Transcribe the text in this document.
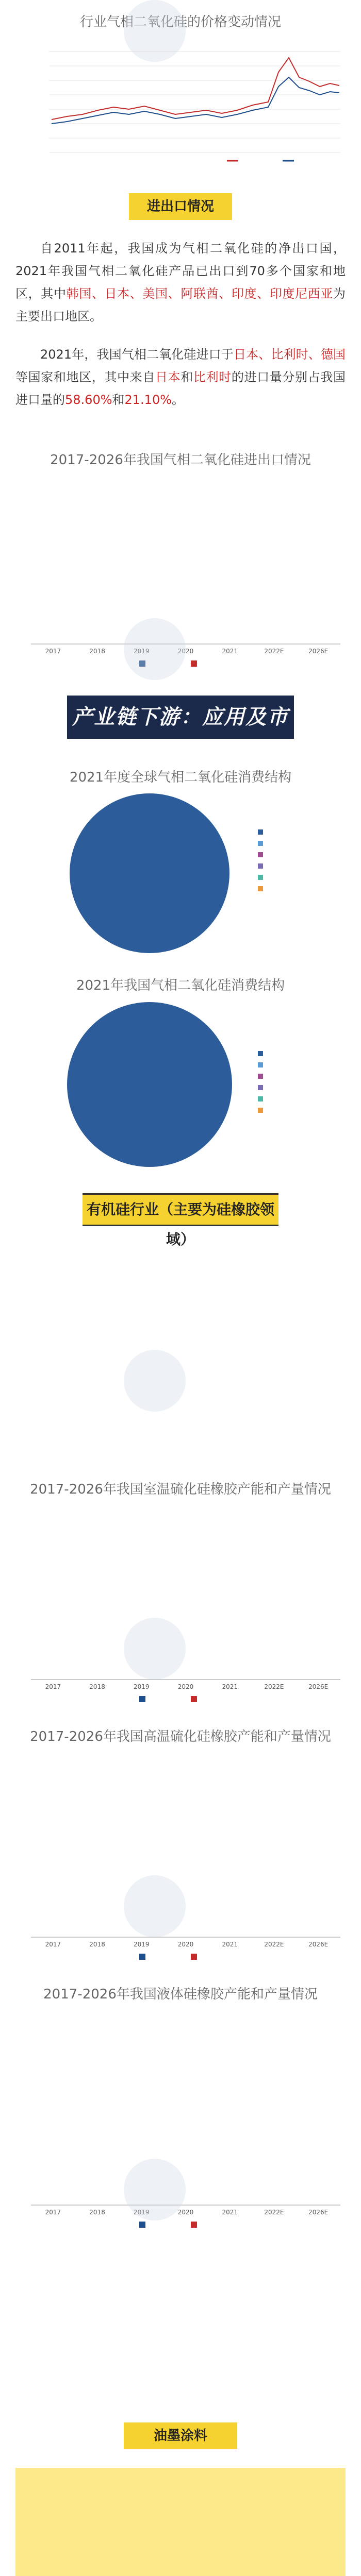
行业气相二氧化硅的价格变动情况
进出口情况

自2011年起，我国成为气相二氧化硅的净出口国，2021年我国气相二氧化硅产品已出口到70多个国家和地区，其中韩国、日本、美国、阿联酋、印度、印度尼西亚为主要出口地区。

2021年，我国气相二氧化硅进口于日本、比利时、德国等国家和地区，其中来自日本和比利时的进口量分别占我国进口量的58.60%和21.10%。

2017-2026年我国气相二氧化硅进出口情况
2017	2018	2019	2020	2021	2022E	2026E
产业链下游：应用及市场
2021年度全球气相二氧化硅消费结构
2021年我国气相二氧化硅消费结构
有机硅行业（主要为硅橡胶领域）
2017-2026年我国室温硫化硅橡胶产能和产量情况
2017	2018	2019	2020	2021	2022E	2026E
2017-2026年我国高温硫化硅橡胶产能和产量情况
2017	2018	2019	2020	2021	2022E	2026E
2017-2026年我国液体硅橡胶产能和产量情况
2017	2018	2019	2020	2021	2022E	2026E
油墨涂料
